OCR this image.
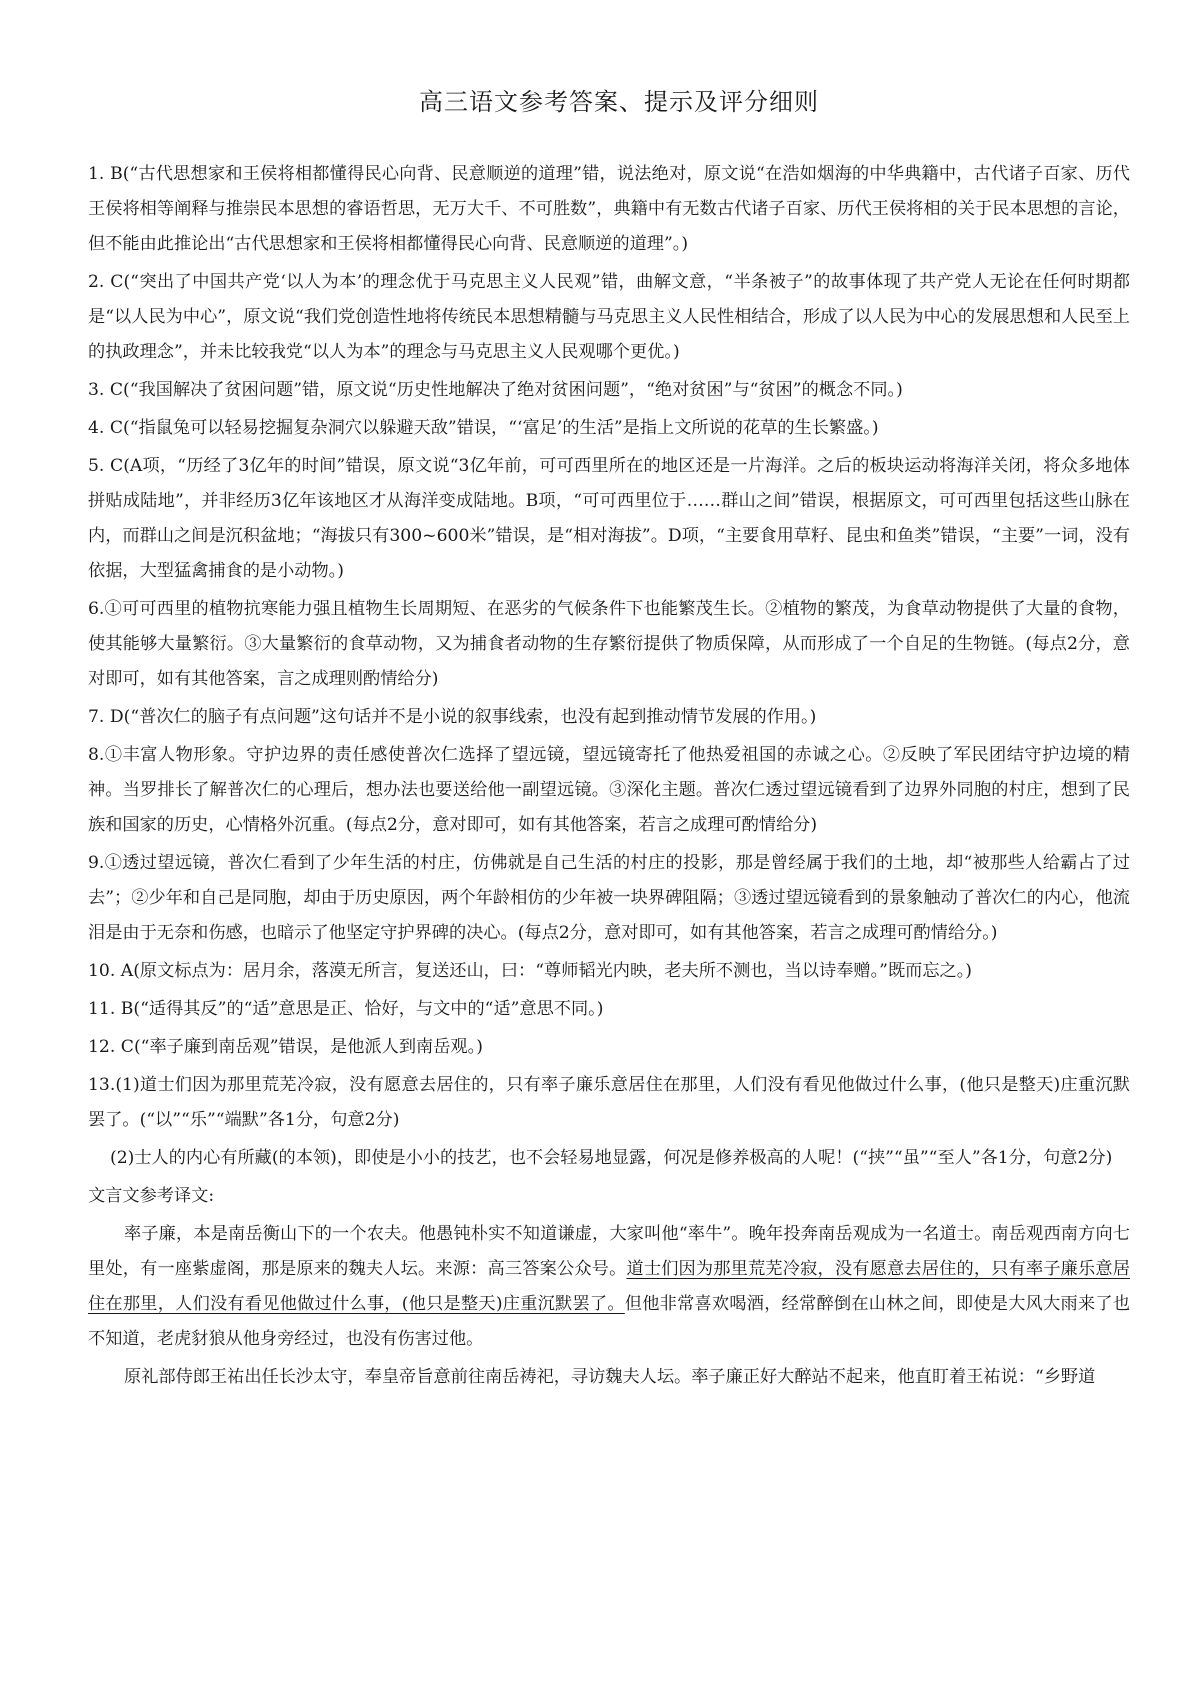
高三语文参考答案、提示及评分细则

1. B(“古代思想家和王侯将相都懂得民心向背、民意顺逆的道理”错，说法绝对，原文说“在浩如烟海的中华典籍中，古代诸子百家、历代王侯将相等阐释与推崇民本思想的睿语哲思，无万大千、不可胜数”，典籍中有无数古代诸子百家、历代王侯将相的关于民本思想的言论，但不能由此推论出“古代思想家和王侯将相都懂得民心向背、民意顺逆的道理”。)

2. C(“突出了中国共产党‘以人为本’的理念优于马克思主义人民观”错，曲解文意，“半条被子”的故事体现了共产党人无论在任何时期都是“以人民为中心”，原文说“我们党创造性地将传统民本思想精髓与马克思主义人民性相结合，形成了以人民为中心的发展思想和人民至上的执政理念”，并未比较我党“以人为本”的理念与马克思主义人民观哪个更优。)

3. C(“我国解决了贫困问题”错，原文说“历史性地解决了绝对贫困问题”，“绝对贫困”与“贫困”的概念不同。)

4. C(“指鼠兔可以轻易挖掘复杂洞穴以躲避天敌”错误，“‘富足’的生活”是指上文所说的花草的生长繁盛。)

5. C(A项，“历经了3亿年的时间”错误，原文说“3亿年前，可可西里所在的地区还是一片海洋。之后的板块运动将海洋关闭，将众多地体拼贴成陆地”，并非经历3亿年该地区才从海洋变成陆地。B项，“可可西里位于……群山之间”错误，根据原文，可可西里包括这些山脉在内，而群山之间是沉积盆地；“海拔只有300~600米”错误，是“相对海拔”。D项，“主要食用草籽、昆虫和鱼类”错误，“主要”一词，没有依据，大型猛禽捕食的是小动物。)

6.①可可西里的植物抗寒能力强且植物生长周期短、在恶劣的气候条件下也能繁茂生长。②植物的繁茂，为食草动物提供了大量的食物，使其能够大量繁衍。③大量繁衍的食草动物，又为捕食者动物的生存繁衍提供了物质保障，从而形成了一个自足的生物链。(每点2分，意对即可，如有其他答案，言之成理则酌情给分)

7. D(“普次仁的脑子有点问题”这句话并不是小说的叙事线索，也没有起到推动情节发展的作用。)

8.①丰富人物形象。守护边界的责任感使普次仁选择了望远镜，望远镜寄托了他热爱祖国的赤诚之心。②反映了军民团结守护边境的精神。当罗排长了解普次仁的心理后，想办法也要送给他一副望远镜。③深化主题。普次仁透过望远镜看到了边界外同胞的村庄，想到了民族和国家的历史，心情格外沉重。(每点2分，意对即可，如有其他答案，若言之成理可酌情给分)

9.①透过望远镜，普次仁看到了少年生活的村庄，仿佛就是自己生活的村庄的投影，那是曾经属于我们的土地，却“被那些人给霸占了过去”；②少年和自己是同胞，却由于历史原因，两个年龄相仿的少年被一块界碑阻隔；③透过望远镜看到的景象触动了普次仁的内心，他流泪是由于无奈和伤感，也暗示了他坚定守护界碑的决心。(每点2分，意对即可，如有其他答案，若言之成理可酌情给分。)

10. A(原文标点为：居月余，落漠无所言，复送还山，曰：“尊师韬光内映，老夫所不测也，当以诗奉赠。”既而忘之。)

11. B(“适得其反”的“适”意思是正、恰好，与文中的“适”意思不同。)

12. C(“率子廉到南岳观”错误，是他派人到南岳观。)

13.(1)道士们因为那里荒芜冷寂，没有愿意去居住的，只有率子廉乐意居住在那里，人们没有看见他做过什么事，(他只是整天)庄重沉默罢了。(“以”“乐”“端默”各1分，句意2分)

(2)士人的内心有所藏(的本领)，即使是小小的技艺，也不会轻易地显露，何况是修养极高的人呢！(“挟”“虽”“至人”各1分，句意2分)

文言文参考译文:

率子廉，本是南岳衡山下的一个农夫。他愚钝朴实不知道谦虚，大家叫他“率牛”。晚年投奔南岳观成为一名道士。南岳观西南方向七里处，有一座紫虚阁，那是原来的魏夫人坛。来源：高三答案公众号。道士们因为那里荒芜冷寂，没有愿意去居住的，只有率子廉乐意居住在那里，人们没有看见他做过什么事，(他只是整天)庄重沉默罢了。但他非常喜欢喝酒，经常醉倒在山林之间，即使是大风大雨来了也不知道，老虎豺狼从他身旁经过，也没有伤害过他。

原礼部侍郎王祐出任长沙太守，奉皇帝旨意前往南岳祷祀，寻访魏夫人坛。率子廉正好大醉站不起来，他直盯着王祐说：“乡野道
